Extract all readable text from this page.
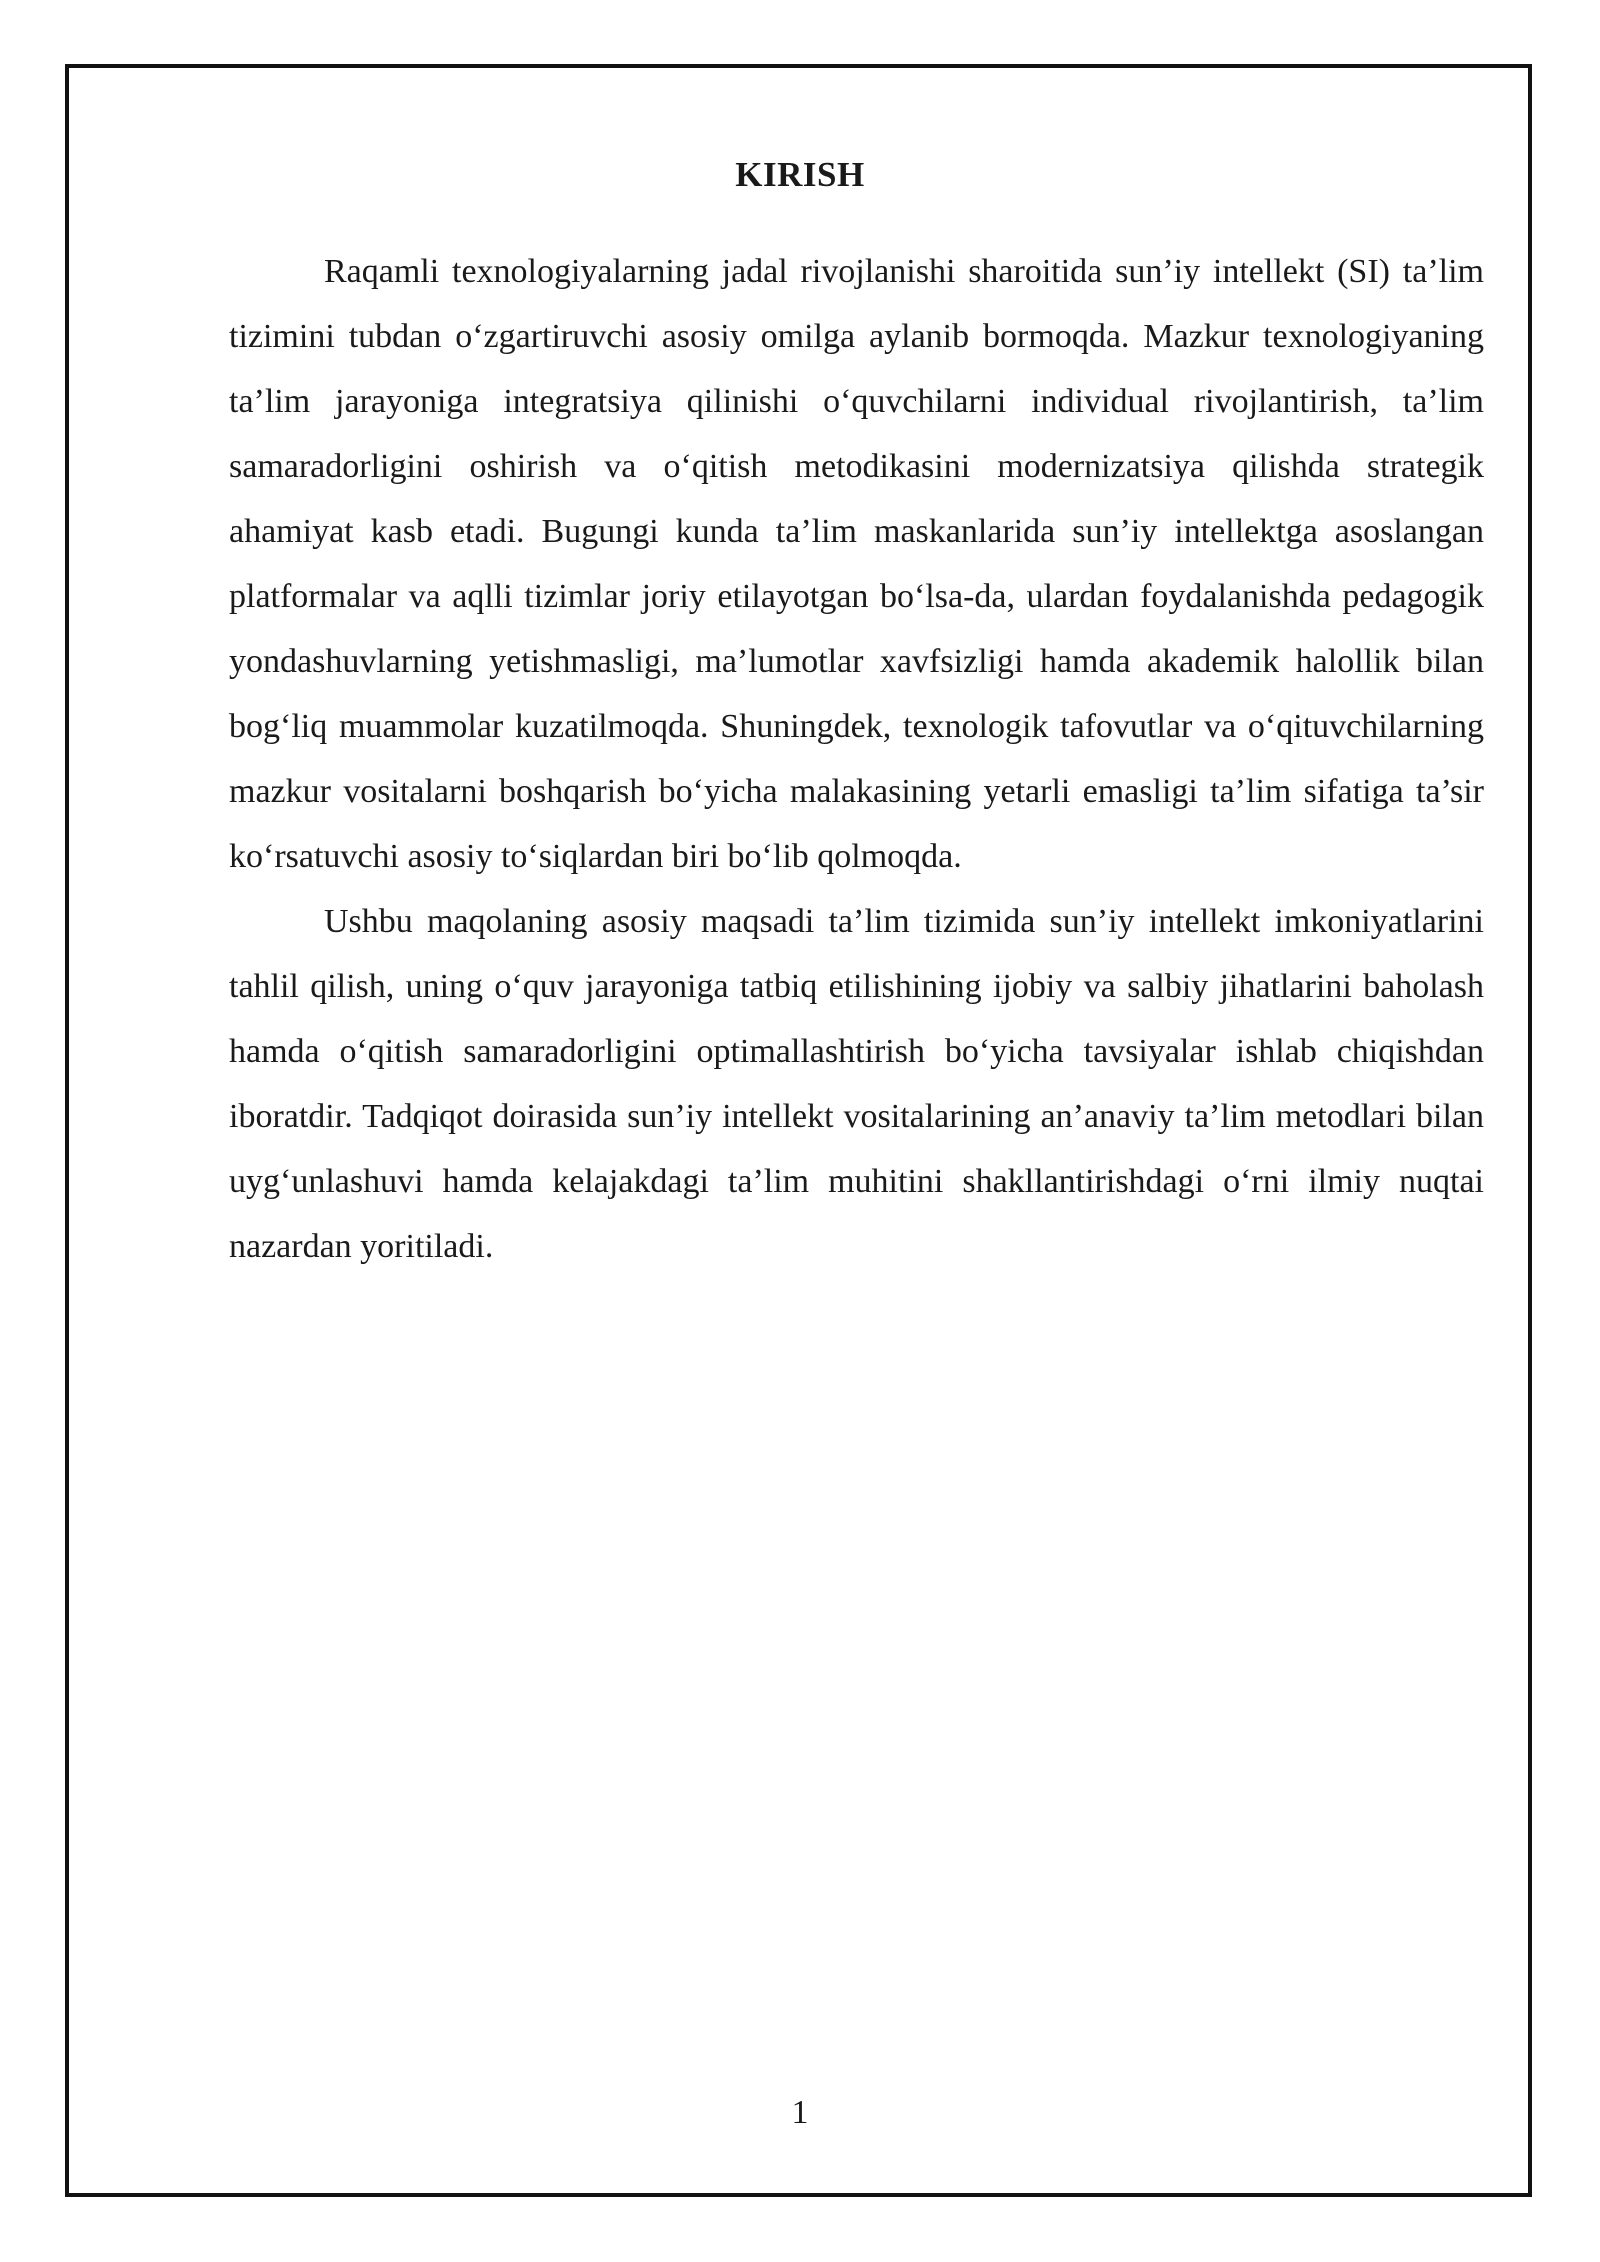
KIRISH

Raqamli texnologiyalarning jadal rivojlanishi sharoitida sun’iy intellekt (SI) ta’lim tizimini tubdan o‘zgartiruvchi asosiy omilga aylanib bormoqda. Mazkur texnologiyaning ta’lim jarayoniga integratsiya qilinishi o‘quvchilarni individual rivojlantirish, ta’lim samaradorligini oshirish va o‘qitish metodikasini modernizatsiya qilishda strategik ahamiyat kasb etadi. Bugungi kunda ta’lim maskanlarida sun’iy intellektga asoslangan platformalar va aqlli tizimlar joriy etilayotgan bo‘lsa-da, ulardan foydalanishda pedagogik yondashuvlarning yetishmasligi, ma’lumotlar xavfsizligi hamda akademik halollik bilan bog‘liq muammolar kuzatilmoqda. Shuningdek, texnologik tafovutlar va o‘qituvchilarning mazkur vositalarni boshqarish bo‘yicha malakasining yetarli emasligi ta’lim sifatiga ta’sir ko‘rsatuvchi asosiy to‘siqlardan biri bo‘lib qolmoqda.

Ushbu maqolaning asosiy maqsadi ta’lim tizimida sun’iy intellekt imkoniyatlarini tahlil qilish, uning o‘quv jarayoniga tatbiq etilishining ijobiy va salbiy jihatlarini baholash hamda o‘qitish samaradorligini optimallashtirish bo‘yicha tavsiyalar ishlab chiqishdan iboratdir. Tadqiqot doirasida sun’iy intellekt vositalarining an’anaviy ta’lim metodlari bilan uyg‘unlashuvi hamda kelajakdagi ta’lim muhitini shakllantirishdagi o‘rni ilmiy nuqtai nazardan yoritiladi.

1
